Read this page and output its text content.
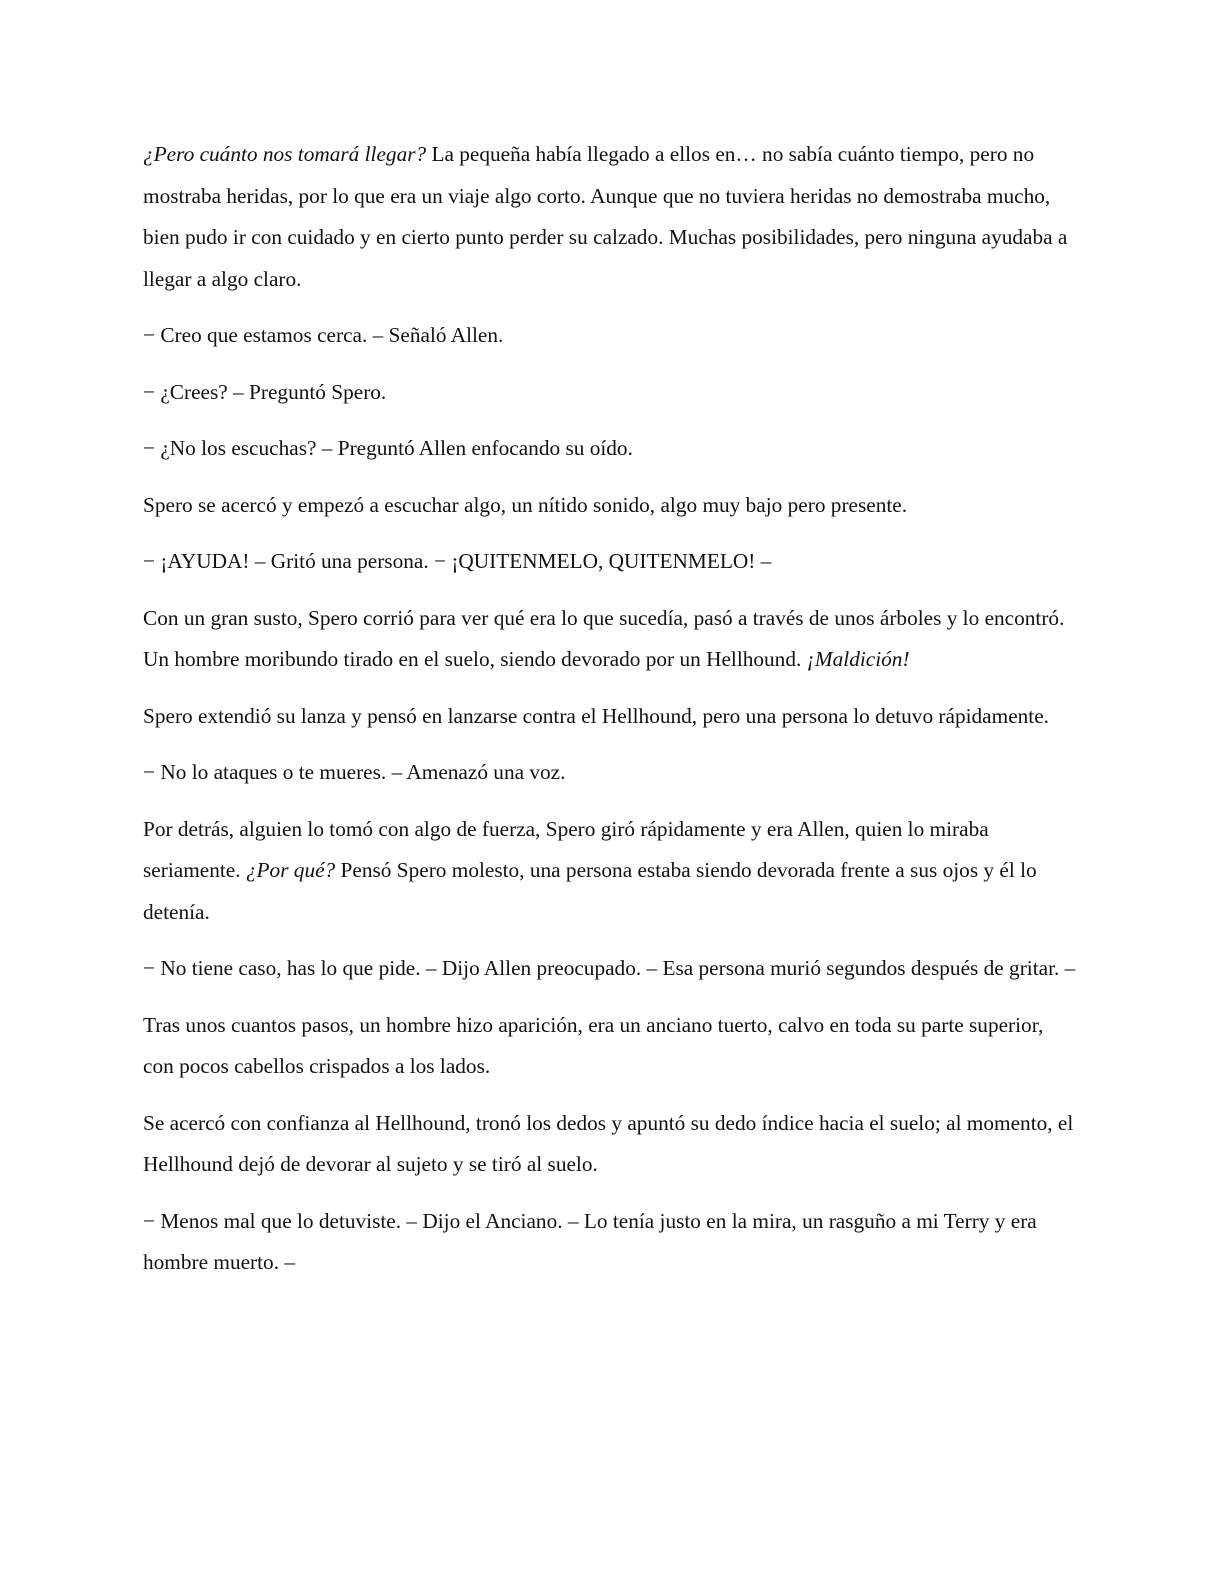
¿Pero cuánto nos tomará llegar? La pequeña había llegado a ellos en… no sabía cuánto tiempo, pero no mostraba heridas, por lo que era un viaje algo corto. Aunque que no tuviera heridas no demostraba mucho, bien pudo ir con cuidado y en cierto punto perder su calzado. Muchas posibilidades, pero ninguna ayudaba a llegar a algo claro.

− Creo que estamos cerca. – Señaló Allen.

− ¿Crees? – Preguntó Spero.

− ¿No los escuchas? – Preguntó Allen enfocando su oído.

Spero se acercó y empezó a escuchar algo, un nítido sonido, algo muy bajo pero presente.

− ¡AYUDA! – Gritó una persona. − ¡QUITENMELO, QUITENMELO! –

Con un gran susto, Spero corrió para ver qué era lo que sucedía, pasó a través de unos árboles y lo encontró. Un hombre moribundo tirado en el suelo, siendo devorado por un Hellhound. ¡Maldición!

Spero extendió su lanza y pensó en lanzarse contra el Hellhound, pero una persona lo detuvo rápidamente.

− No lo ataques o te mueres. – Amenazó una voz.

Por detrás, alguien lo tomó con algo de fuerza, Spero giró rápidamente y era Allen, quien lo miraba seriamente. ¿Por qué? Pensó Spero molesto, una persona estaba siendo devorada frente a sus ojos y él lo detenía.

− No tiene caso, has lo que pide. – Dijo Allen preocupado. – Esa persona murió segundos después de gritar. –

Tras unos cuantos pasos, un hombre hizo aparición, era un anciano tuerto, calvo en toda su parte superior, con pocos cabellos crispados a los lados.

Se acercó con confianza al Hellhound, tronó los dedos y apuntó su dedo índice hacia el suelo; al momento, el Hellhound dejó de devorar al sujeto y se tiró al suelo.

− Menos mal que lo detuviste. – Dijo el Anciano. – Lo tenía justo en la mira, un rasguño a mi Terry y era hombre muerto. –
